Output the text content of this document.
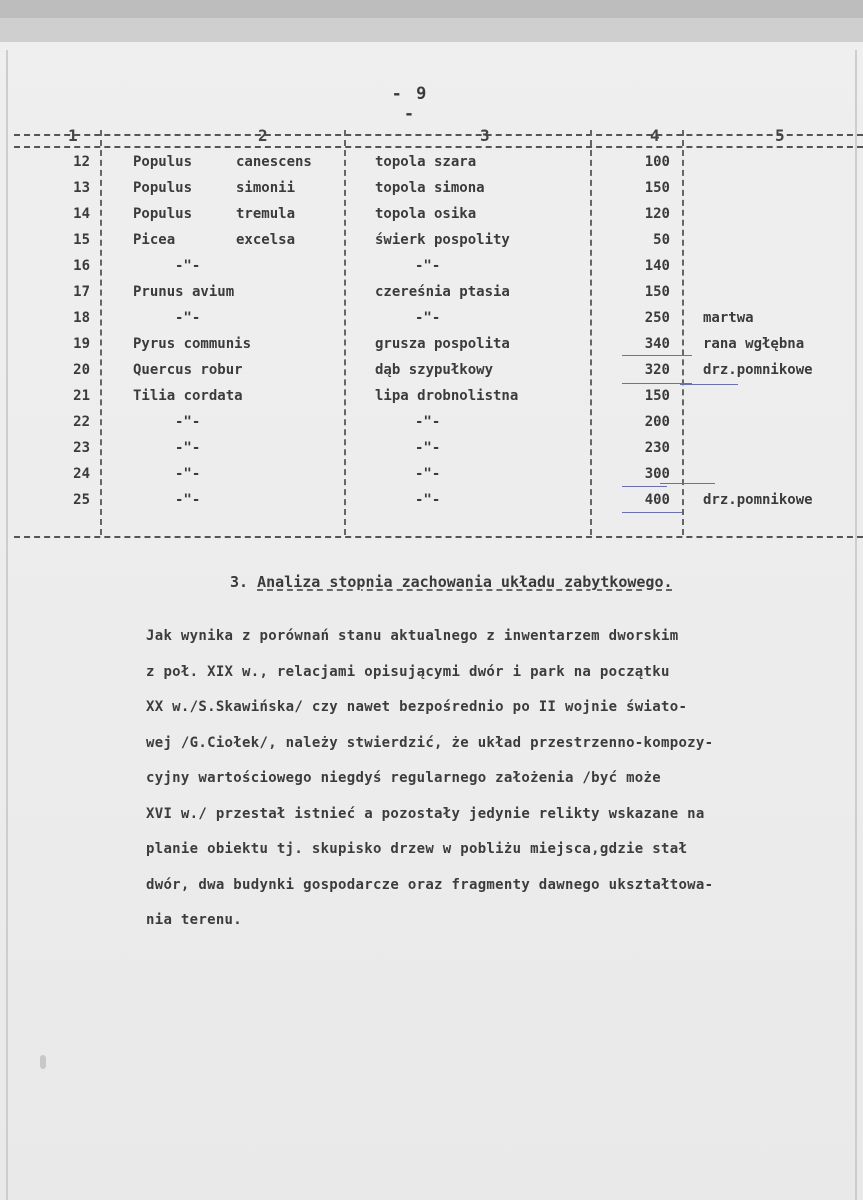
- 9 -
1	2	3	4	5
12	Populus	canescens	topola szara	100
13	Populus	simonii	topola simona	150
14	Populus	tremula	topola osika	120
15	Picea	excelsa	świerk pospolity	50
16	-"-	-"-	140
17	Prunus avium	czereśnia ptasia	150
18	-"-	-"-	250 martwa
19	Pyrus communis	grusza pospolita	340 rana wgłębna
20	Quercus robur	dąb szypułkowy	320 drz.pomnikowe
21	Tilia cordata	lipa drobnolistna	150
22	-"-	-"-	200
23	-"-	-"-	230
24	-"-	-"-	300
25	-"-	-"-	400 drz.pomnikowe
3. Analiza stopnia zachowania układu zabytkowego.
Jak wynika z porównań stanu aktualnego z inwentarzem dworskim
z poł. XIX w., relacjami opisującymi dwór i park na początku
XX w./S.Skawińska/ czy nawet bezpośrednio po II wojnie świato-
wej /G.Ciołek/, należy stwierdzić, że układ przestrzenno-kompozy-
cyjny wartościowego niegdyś regularnego założenia /być może
XVI w./ przestał istnieć a pozostały jedynie relikty wskazane na
planie obiektu tj. skupisko drzew w pobliżu miejsca,gdzie stał
dwór, dwa budynki gospodarcze oraz fragmenty dawnego ukształtowa-
nia terenu.
